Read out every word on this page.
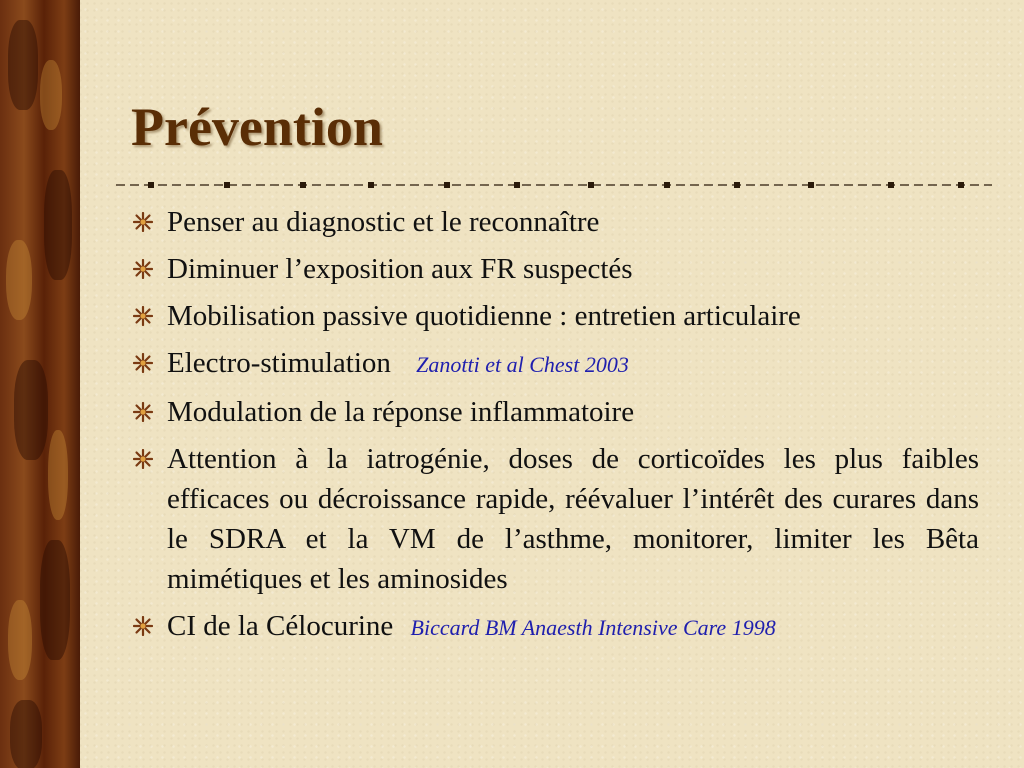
Prévention
Penser au diagnostic et le reconnaître
Diminuer l’exposition aux FR suspectés
Mobilisation passive quotidienne : entretien articulaire
Electro-stimulation Zanotti et al Chest 2003
Modulation de la réponse inflammatoire
Attention à la iatrogénie, doses de corticoïdes les plus faibles efficaces ou décroissance rapide, réévaluer l’intérêt des curares dans le SDRA et la VM de l’asthme, monitorer, limiter les Bêta mimétiques et les aminosides
CI de la Célocurine Biccard BM Anaesth Intensive Care 1998
